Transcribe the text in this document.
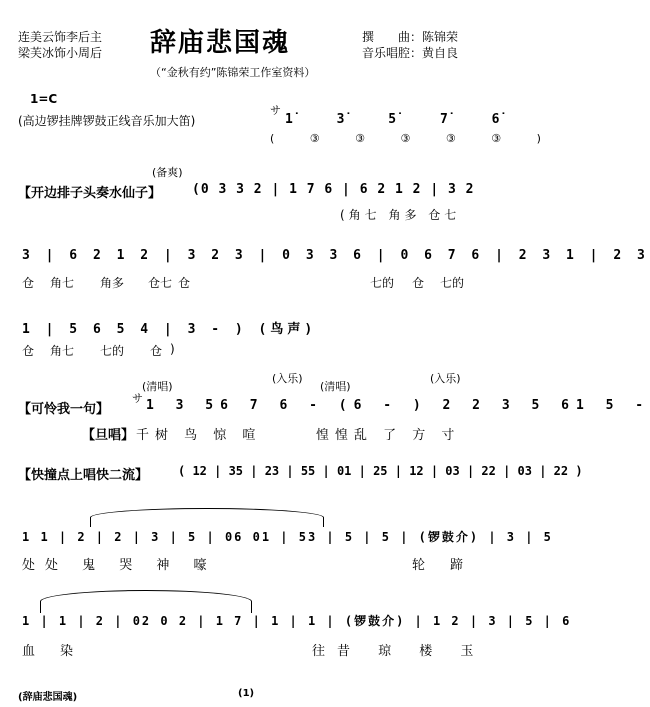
连美云饰李后主
梁芙冰饰小周后 辞庙悲国魂	撰　　曲：陈锦荣
音乐唱腔：黄自良
（“金秋有约”陈锦荣工作室资料）
1=C
(高边锣挂牌锣鼓正线音乐加大笛)
サ
1̇ 3̇ 5̇ 7̇ 6̇
( ③ ③ ③ ③ ③ )
(备爽)
【开边排子头奏水仙子】 (0 3 3 2 | 1 7 6 | 6 2 1 2 | 3 2
(角七 角多 仓七
3 | 6 2 1 2 | 3 2 3 | 0 3 3 6 | 0 6 7 6 | 2 3 1 | 2 3
仓 角七 角多 仓七 仓	七的 仓 七的
1 | 5 6 5 4 | 3 - ) (鸟声)
仓 角七 七的 仓 )
(清唱)
(入乐)
(清唱)
(入乐)
【可怜我一句】
サ 1 3 56 7 6 - (6 - ) 2 2 3 5 61 5 -
【旦唱】 千树 鸟 惊 喧	惶惶乱 了 方 寸
【快撞点上唱快二流】 ( 12 | 35 | 23 | 55 | 01 | 25 | 12 | 03 | 22 | 03 | 22 )
1 1 | 2 | 2 | 3 | 5 | 06 01 | 53 | 5 | 5 | (锣鼓介) | 3 | 5
处处 鬼 哭 神 嚎	轮　蹄
1 | 1 | 2 | 02 0 2 | 1 7 | 1 | 1 | (锣鼓介) | 1 2 | 3 | 5 | 6
血　染	往昔 琼 楼 玉
(辞庙悲国魂)	(1)
